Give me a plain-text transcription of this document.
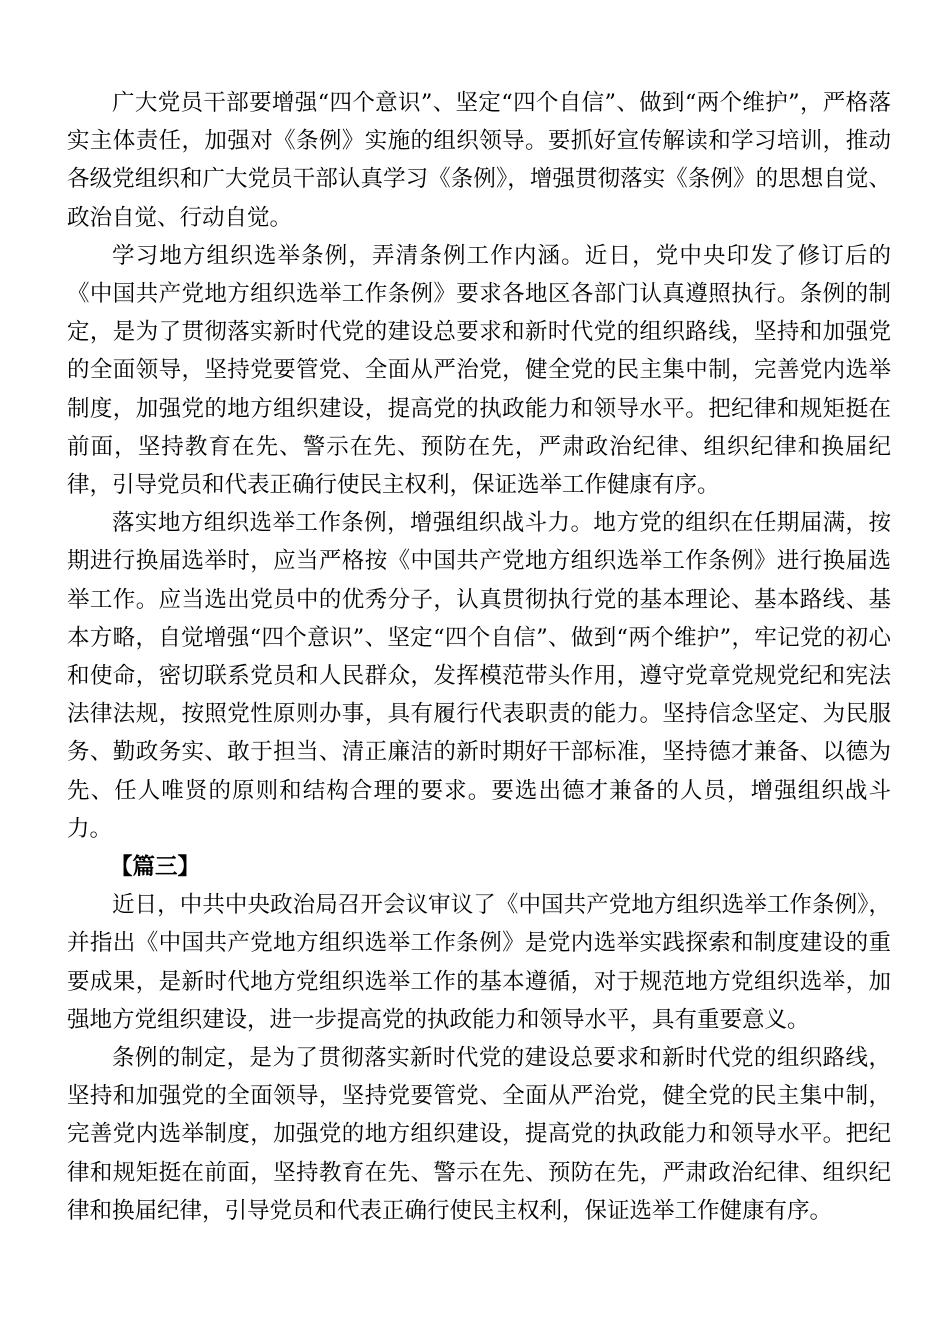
广大党员干部要增强“四个意识”、坚定“四个自信”、做到“两个维护”，严格落实主体责任，加强对《条例》实施的组织领导。要抓好宣传解读和学习培训，推动各级党组织和广大党员干部认真学习《条例》，增强贯彻落实《条例》的思想自觉、政治自觉、行动自觉。

学习地方组织选举条例，弄清条例工作内涵。近日，党中央印发了修订后的《中国共产党地方组织选举工作条例》要求各地区各部门认真遵照执行。条例的制定，是为了贯彻落实新时代党的建设总要求和新时代党的组织路线，坚持和加强党的全面领导，坚持党要管党、全面从严治党，健全党的民主集中制，完善党内选举制度，加强党的地方组织建设，提高党的执政能力和领导水平。把纪律和规矩挺在前面，坚持教育在先、警示在先、预防在先，严肃政治纪律、组织纪律和换届纪律，引导党员和代表正确行使民主权利，保证选举工作健康有序。

落实地方组织选举工作条例，增强组织战斗力。地方党的组织在任期届满，按期进行换届选举时，应当严格按《中国共产党地方组织选举工作条例》进行换届选举工作。应当选出党员中的优秀分子，认真贯彻执行党的基本理论、基本路线、基本方略，自觉增强“四个意识”、坚定“四个自信”、做到“两个维护”，牢记党的初心和使命，密切联系党员和人民群众，发挥模范带头作用，遵守党章党规党纪和宪法法律法规，按照党性原则办事，具有履行代表职责的能力。坚持信念坚定、为民服务、勤政务实、敢于担当、清正廉洁的新时期好干部标准，坚持德才兼备、以德为先、任人唯贤的原则和结构合理的要求。要选出德才兼备的人员，增强组织战斗力。

【篇三】

近日，中共中央政治局召开会议审议了《中国共产党地方组织选举工作条例》，并指出《中国共产党地方组织选举工作条例》是党内选举实践探索和制度建设的重要成果，是新时代地方党组织选举工作的基本遵循，对于规范地方党组织选举，加强地方党组织建设，进一步提高党的执政能力和领导水平，具有重要意义。

条例的制定，是为了贯彻落实新时代党的建设总要求和新时代党的组织路线，坚持和加强党的全面领导，坚持党要管党、全面从严治党，健全党的民主集中制，完善党内选举制度，加强党的地方组织建设，提高党的执政能力和领导水平。把纪律和规矩挺在前面，坚持教育在先、警示在先、预防在先，严肃政治纪律、组织纪律和换届纪律，引导党员和代表正确行使民主权利，保证选举工作健康有序。
